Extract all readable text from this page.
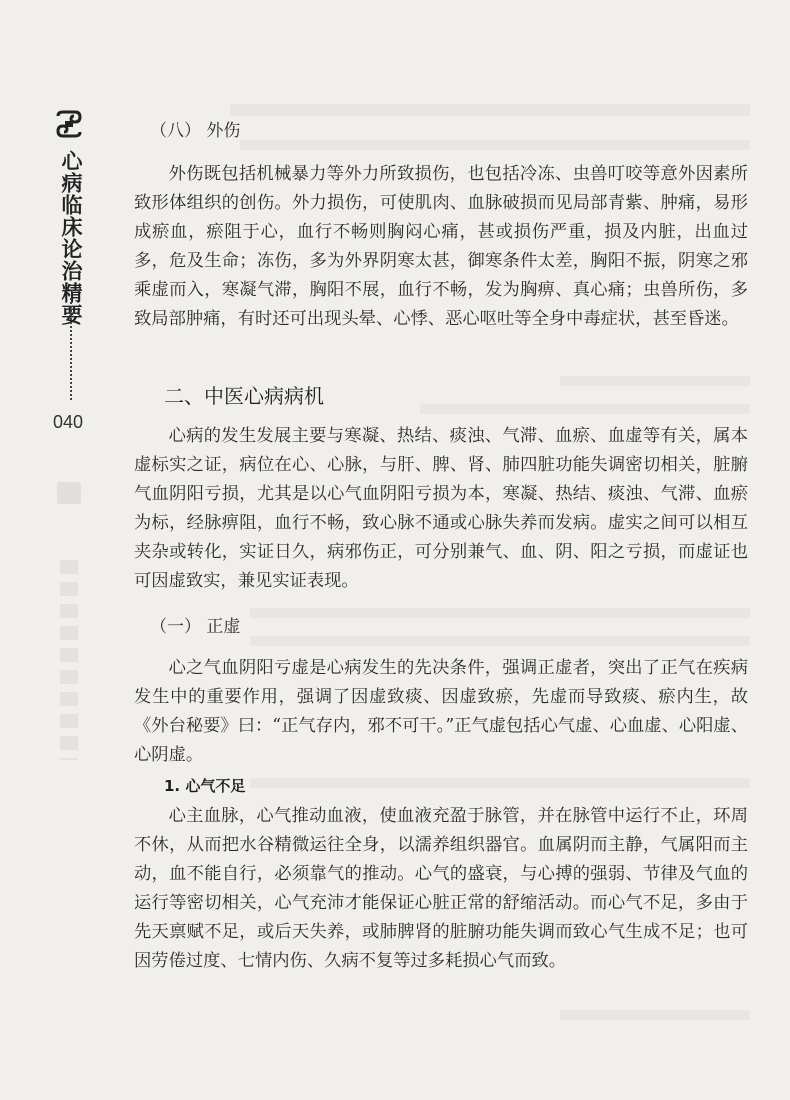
心病临床论治精要
040

（八） 外伤

外伤既包括机械暴力等外力所致损伤，也包括冷冻、虫兽叮咬等意外因素所致形体组织的创伤。外力损伤，可使肌肉、血脉破损而见局部青紫、肿痛，易形成瘀血，瘀阻于心，血行不畅则胸闷心痛，甚或损伤严重，损及内脏，出血过多，危及生命；冻伤，多为外界阴寒太甚，御寒条件太差，胸阳不振，阴寒之邪乘虚而入，寒凝气滞，胸阳不展，血行不畅，发为胸痹、真心痛；虫兽所伤，多致局部肿痛，有时还可出现头晕、心悸、恶心呕吐等全身中毒症状，甚至昏迷。

二、中医心病病机

心病的发生发展主要与寒凝、热结、痰浊、气滞、血瘀、血虚等有关，属本虚标实之证，病位在心、心脉，与肝、脾、肾、肺四脏功能失调密切相关，脏腑气血阴阳亏损，尤其是以心气血阴阳亏损为本，寒凝、热结、痰浊、气滞、血瘀为标，经脉痹阻，血行不畅，致心脉不通或心脉失养而发病。虚实之间可以相互夹杂或转化，实证日久，病邪伤正，可分别兼气、血、阴、阳之亏损，而虚证也可因虚致实，兼见实证表现。

（一） 正虚

心之气血阴阳亏虚是心病发生的先决条件，强调正虚者，突出了正气在疾病发生中的重要作用，强调了因虚致痰、因虚致瘀，先虚而导致痰、瘀内生，故《外台秘要》曰：“正气存内，邪不可干。”正气虚包括心气虚、心血虚、心阳虚、心阴虚。

1. 心气不足

心主血脉，心气推动血液，使血液充盈于脉管，并在脉管中运行不止，环周不休，从而把水谷精微运往全身，以濡养组织器官。血属阴而主静，气属阳而主动，血不能自行，必须靠气的推动。心气的盛衰，与心搏的强弱、节律及气血的运行等密切相关，心气充沛才能保证心脏正常的舒缩活动。而心气不足，多由于先天禀赋不足，或后天失养，或肺脾肾的脏腑功能失调而致心气生成不足；也可因劳倦过度、七情内伤、久病不复等过多耗损心气而致。
